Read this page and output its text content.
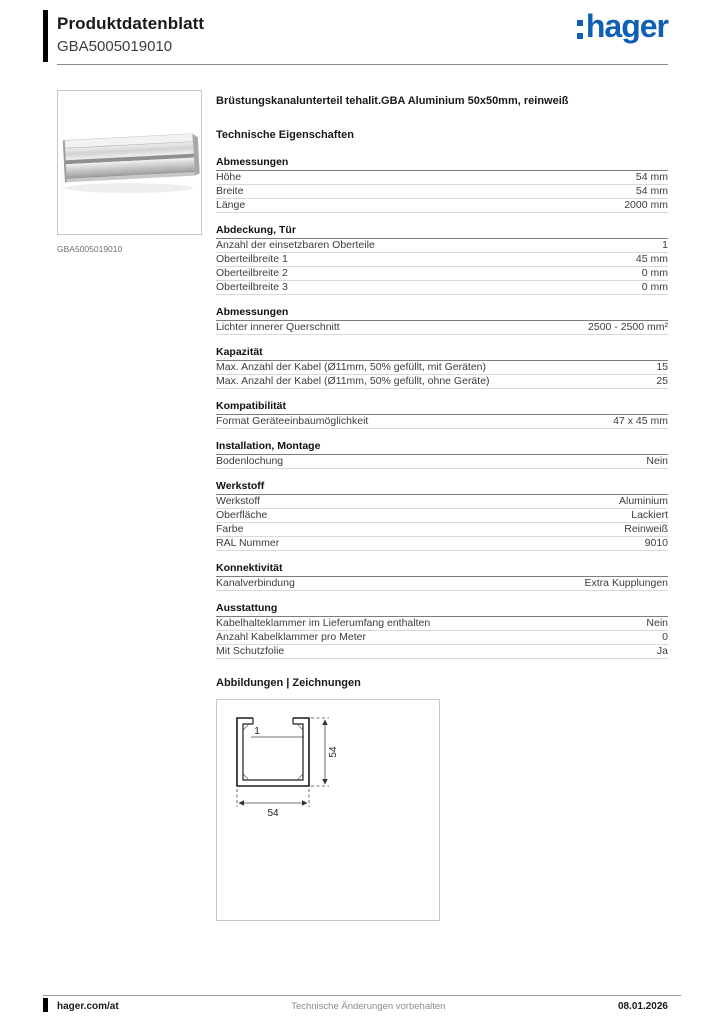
Produktdatenblatt
GBA5005019010
hager
GBA5005019010
Brüstungskanalunterteil tehalit.GBA Aluminium 50x50mm, reinweiß
Technische Eigenschaften
Abmessungen
Höhe	54 mm
Breite	54 mm
Länge	2000 mm
Abdeckung, Tür
Anzahl der einsetzbaren Oberteile	1
Oberteilbreite 1	45 mm
Oberteilbreite 2	0 mm
Oberteilbreite 3	0 mm
Abmessungen
Lichter innerer Querschnitt	2500 - 2500 mm²
Kapazität
Max. Anzahl der Kabel (Ø11mm, 50% gefüllt, mit Geräten)	15
Max. Anzahl der Kabel (Ø11mm, 50% gefüllt, ohne Geräte)	25
Kompatibilität
Format Geräteeinbaumöglichkeit	47 x 45 mm
Installation, Montage
Bodenlochung	Nein
Werkstoff
Werkstoff	Aluminium
Oberfläche	Lackiert
Farbe	Reinweiß
RAL Nummer	9010
Konnektivität
Kanalverbindung	Extra Kupplungen
Ausstattung
Kabelhalteklammer im Lieferumfang enthalten	Nein
Anzahl Kabelklammer pro Meter	0
Mit Schutzfolie	Ja
Abbildungen | Zeichnungen
1
54
54
hager.com/at	Technische Änderungen vorbehalten	08.01.2026
